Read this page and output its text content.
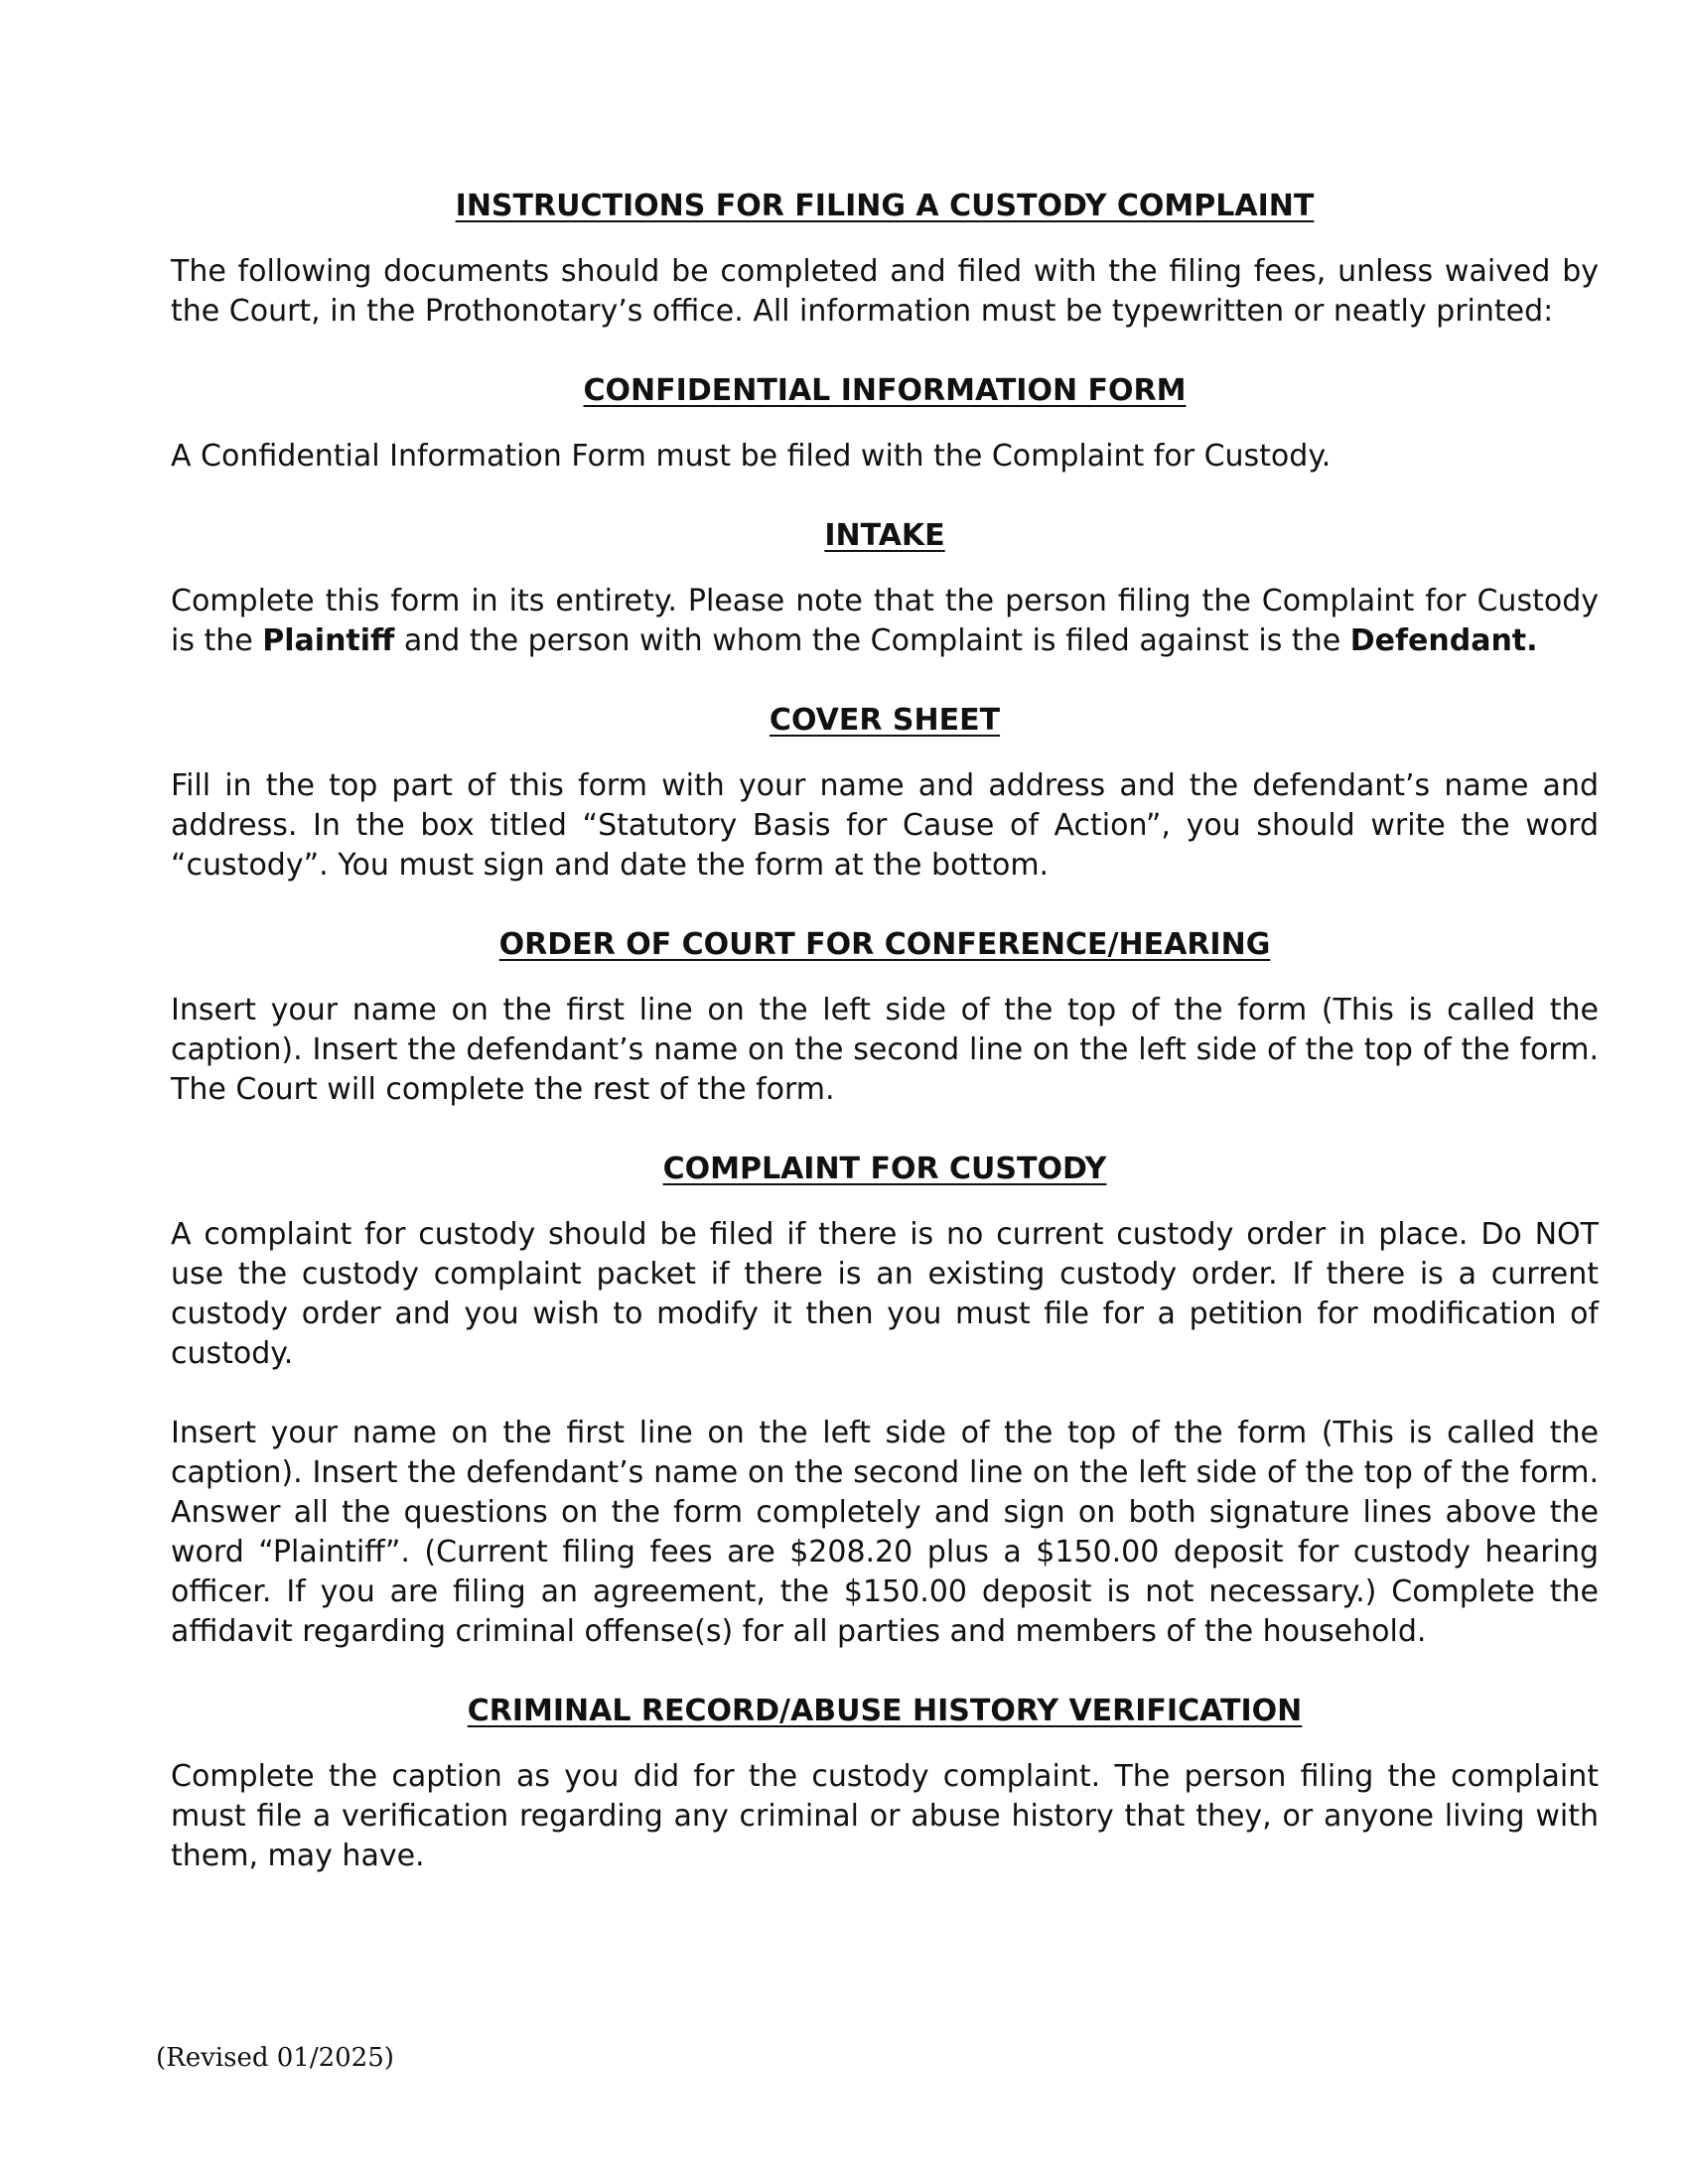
INSTRUCTIONS FOR FILING A CUSTODY COMPLAINT

The following documents should be completed and filed with the filing fees, unless waived by the Court, in the Prothonotary’s office. All information must be typewritten or neatly printed:

CONFIDENTIAL INFORMATION FORM

A Confidential Information Form must be filed with the Complaint for Custody.

INTAKE

Complete this form in its entirety. Please note that the person filing the Complaint for Custody is the Plaintiff and the person with whom the Complaint is filed against is the Defendant.

COVER SHEET

Fill in the top part of this form with your name and address and the defendant’s name and address. In the box titled “Statutory Basis for Cause of Action”, you should write the word “custody”. You must sign and date the form at the bottom.

ORDER OF COURT FOR CONFERENCE/HEARING

Insert your name on the first line on the left side of the top of the form (This is called the caption). Insert the defendant’s name on the second line on the left side of the top of the form. The Court will complete the rest of the form.

COMPLAINT FOR CUSTODY

A complaint for custody should be filed if there is no current custody order in place. Do NOT use the custody complaint packet if there is an existing custody order. If there is a current custody order and you wish to modify it then you must file for a petition for modification of custody.

Insert your name on the first line on the left side of the top of the form (This is called the caption). Insert the defendant’s name on the second line on the left side of the top of the form. Answer all the questions on the form completely and sign on both signature lines above the word “Plaintiff”. (Current filing fees are $208.20 plus a $150.00 deposit for custody hearing officer. If you are filing an agreement, the $150.00 deposit is not necessary.) Complete the affidavit regarding criminal offense(s) for all parties and members of the household.

CRIMINAL RECORD/ABUSE HISTORY VERIFICATION

Complete the caption as you did for the custody complaint. The person filing the complaint must file a verification regarding any criminal or abuse history that they, or anyone living with them, may have.

(Revised 01/2025)
